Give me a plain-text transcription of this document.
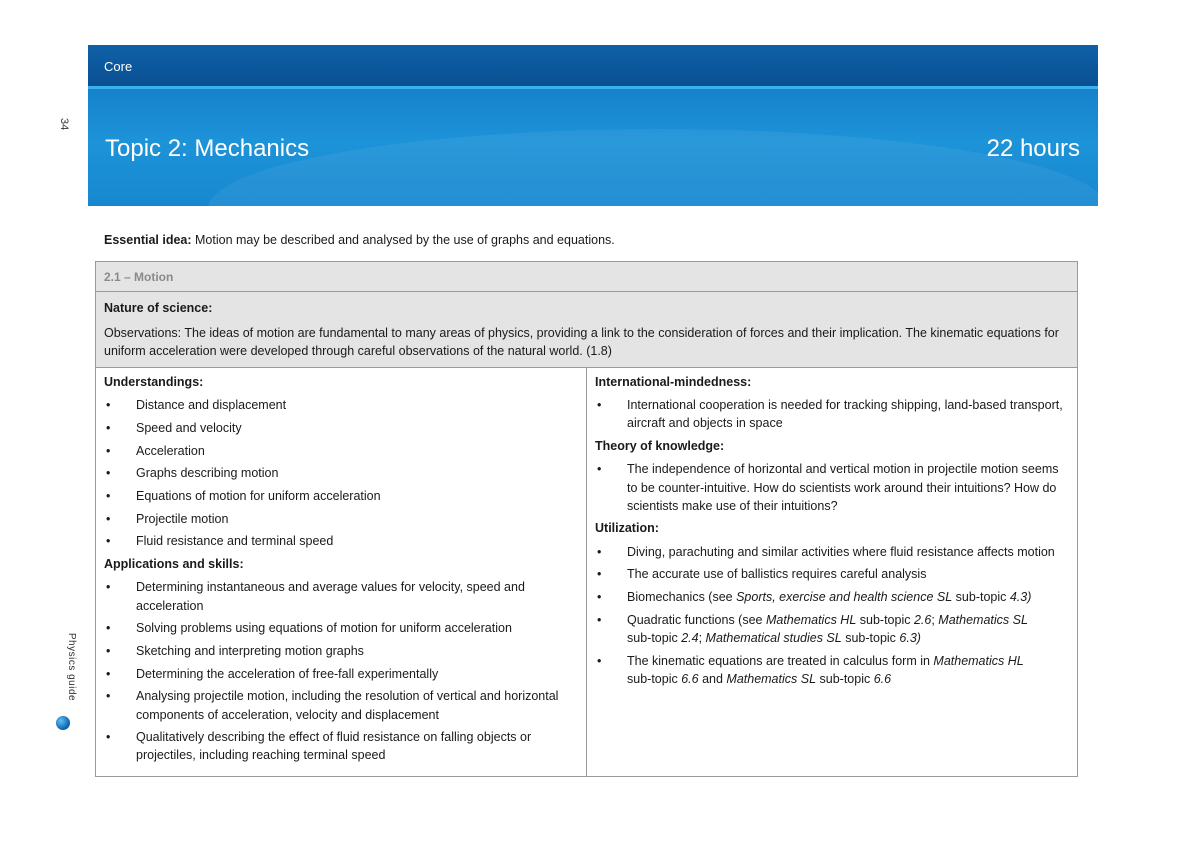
34
Physics guide
Core
Topic 2: Mechanics	22 hours
Essential idea: Motion may be described and analysed by the use of graphs and equations.
2.1 – Motion
Nature of science:
Observations: The ideas of motion are fundamental to many areas of physics, providing a link to the consideration of forces and their implication. The kinematic equations for uniform acceleration were developed through careful observations of the natural world. (1.8)
Understandings:
• Distance and displacement
• Speed and velocity
• Acceleration
• Graphs describing motion
• Equations of motion for uniform acceleration
• Projectile motion
• Fluid resistance and terminal speed
Applications and skills:
• Determining instantaneous and average values for velocity, speed and acceleration
• Solving problems using equations of motion for uniform acceleration
• Sketching and interpreting motion graphs
• Determining the acceleration of free-fall experimentally
• Analysing projectile motion, including the resolution of vertical and horizontal components of acceleration, velocity and displacement
• Qualitatively describing the effect of fluid resistance on falling objects or projectiles, including reaching terminal speed
International-mindedness:
• International cooperation is needed for tracking shipping, land-based transport, aircraft and objects in space
Theory of knowledge:
• The independence of horizontal and vertical motion in projectile motion seems to be counter-intuitive. How do scientists work around their intuitions? How do scientists make use of their intuitions?
Utilization:
• Diving, parachuting and similar activities where fluid resistance affects motion
• The accurate use of ballistics requires careful analysis
• Biomechanics (see Sports, exercise and health science SL sub-topic 4.3)
• Quadratic functions (see Mathematics HL sub-topic 2.6; Mathematics SL
sub-topic 2.4; Mathematical studies SL sub-topic 6.3)
• The kinematic equations are treated in calculus form in Mathematics HL
sub-topic 6.6 and Mathematics SL sub-topic 6.6
